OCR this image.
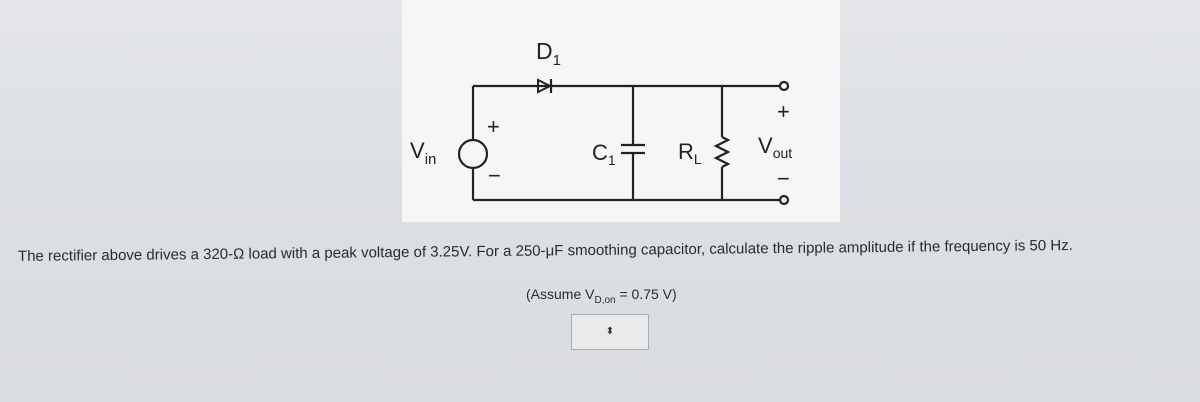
$D_1$
$C_1$	$R_L$
$V_{in}$
$V_{out}$
+
−
+
−
The rectifier above drives a 320-Ω load with a peak voltage of 3.25V. For a 250-μF smoothing capacitor, calculate the ripple amplitude if the frequency is 50 Hz.
(Assume $V_{D,on} = 0.75$ V)
⬍
